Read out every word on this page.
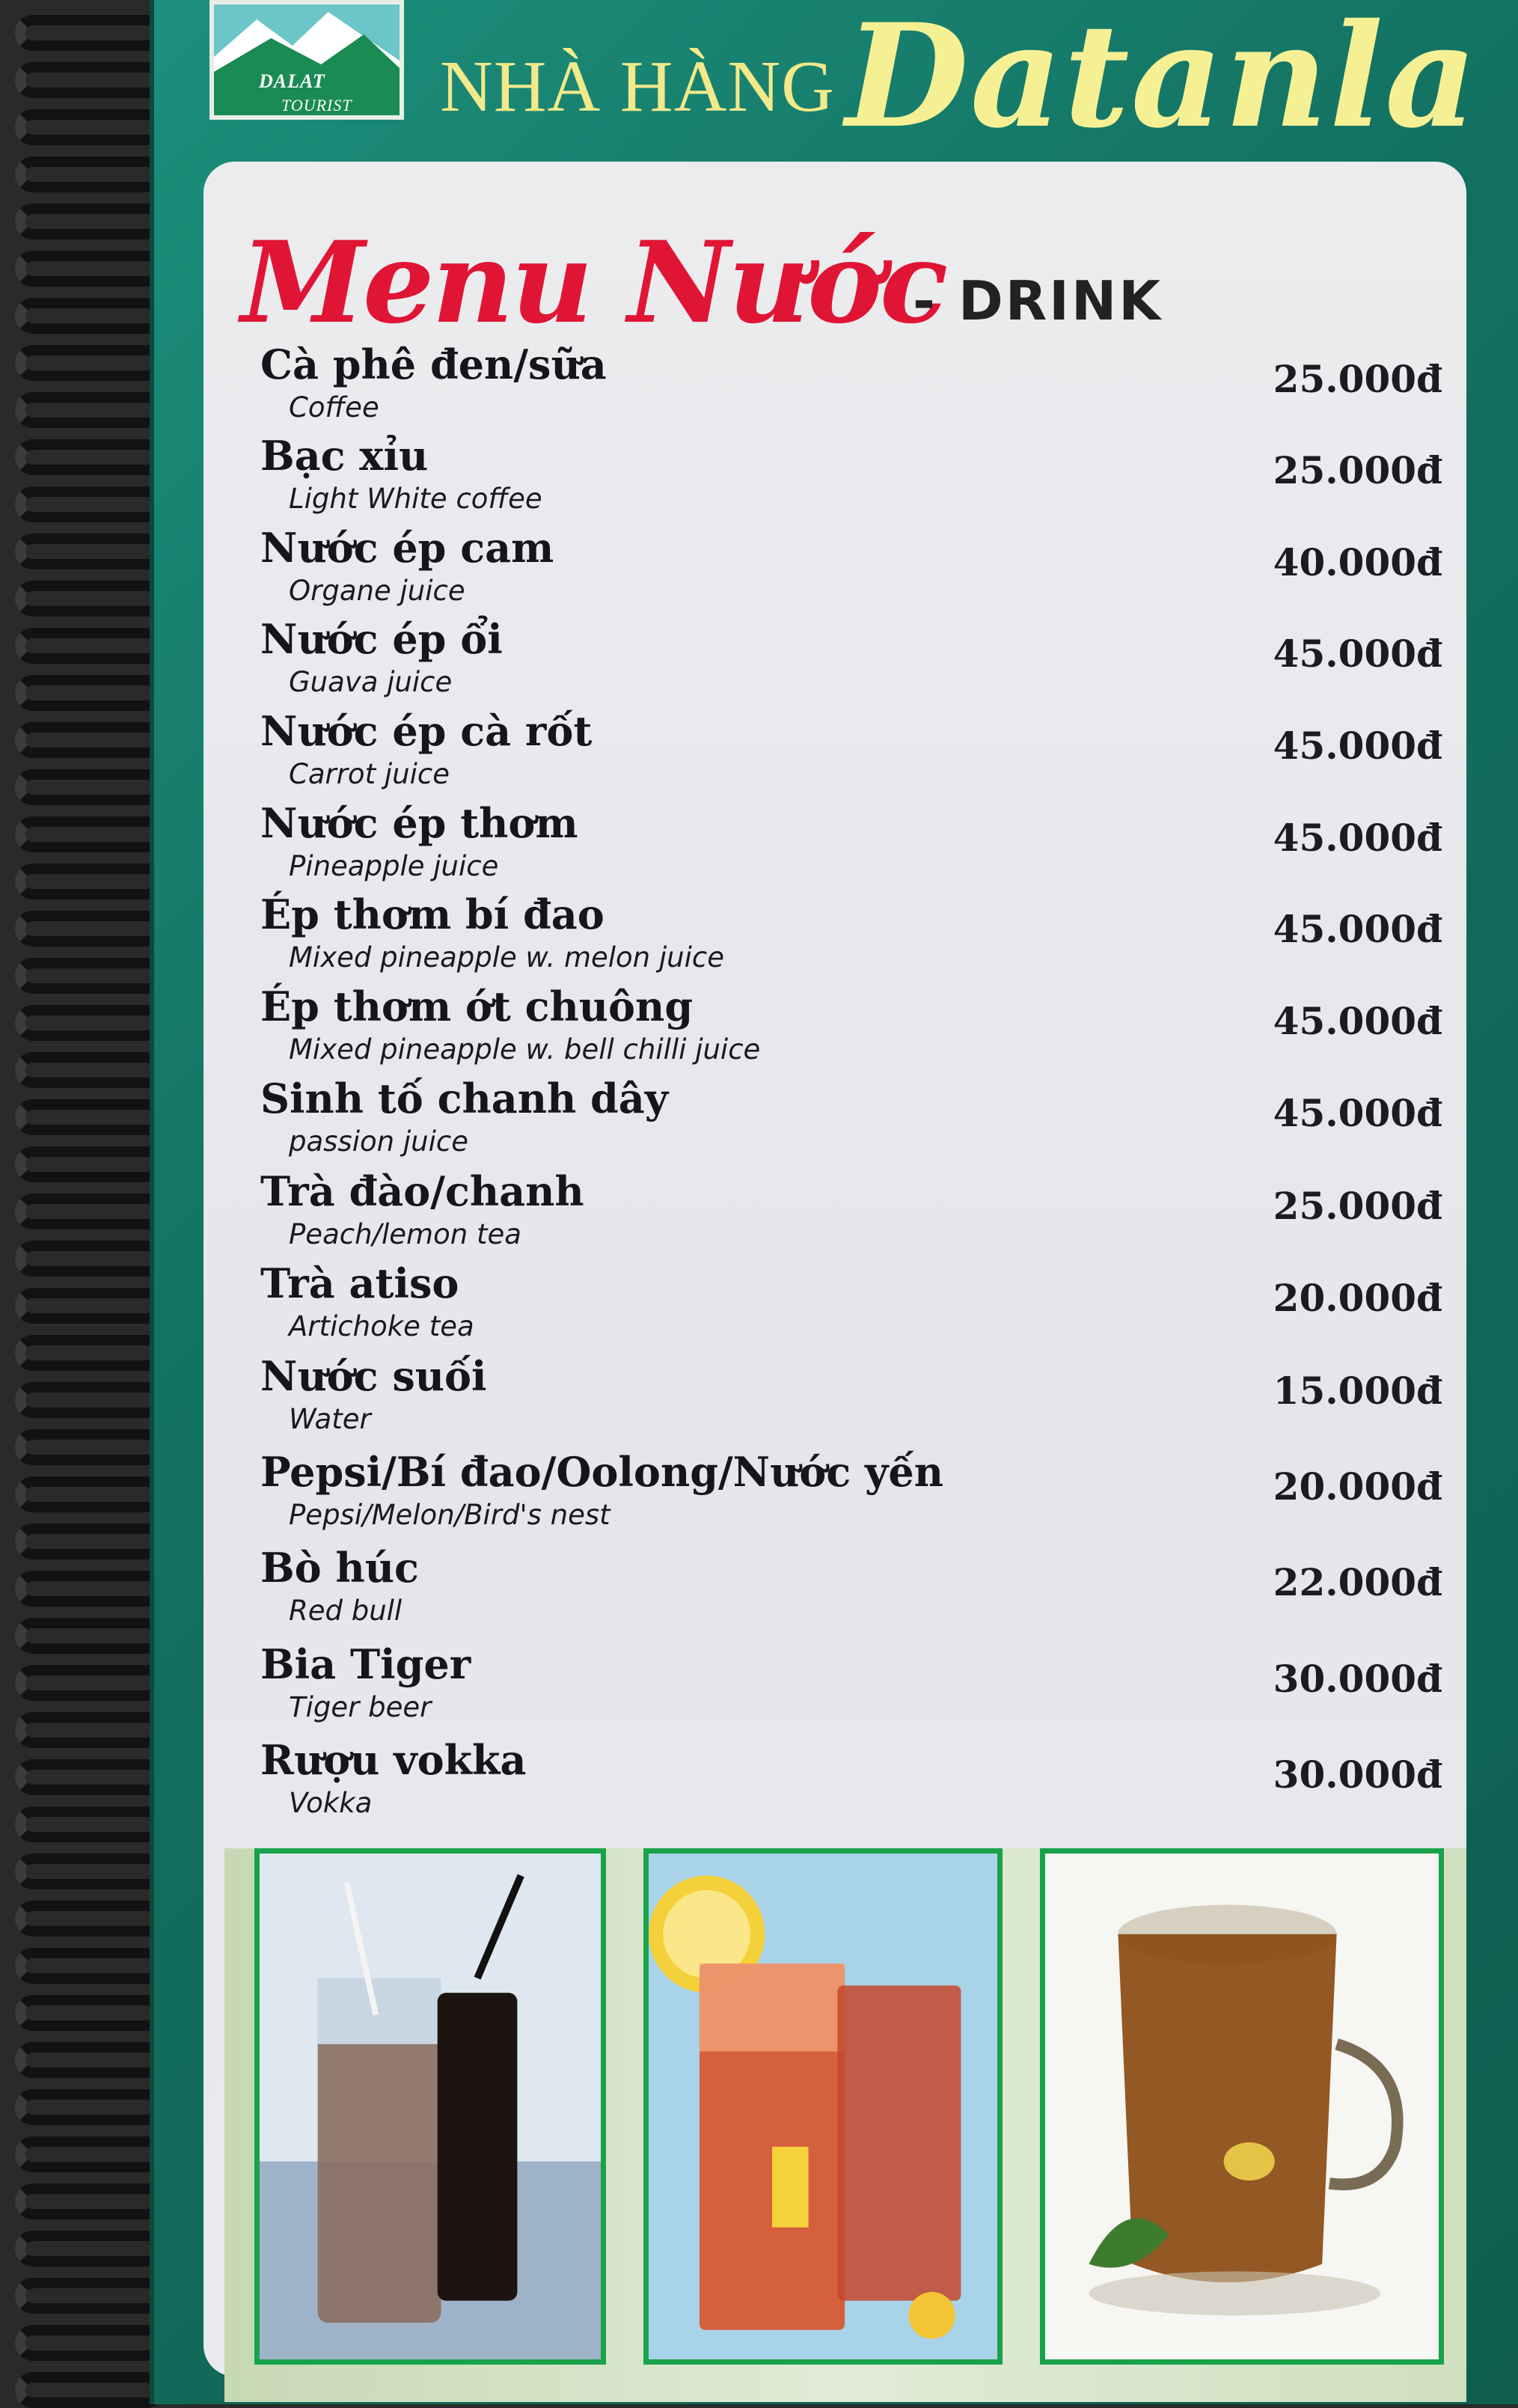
DALAT
TOURIST NHÀ HÀNG Datanla
Menu Nước
- DRINK
Cà phê đen/sữa
Coffee
25.000đ
Bạc xỉu
Light White coffee
25.000đ
Nước ép cam
Organe juice
40.000đ
Nước ép ổi
Guava juice
45.000đ
Nước ép cà rốt
Carrot juice
45.000đ
Nước ép thơm
Pineapple juice
45.000đ
Ép thơm bí đao
Mixed pineapple w. melon juice
45.000đ
Ép thơm ớt chuông
Mixed pineapple w. bell chilli juice
45.000đ
Sinh tố chanh dây
passion juice
45.000đ
Trà đào/chanh
Peach/lemon tea
25.000đ
Trà atiso
Artichoke tea
20.000đ
Nước suối
Water
15.000đ
Pepsi/Bí đao/Oolong/Nước yến
Pepsi/Melon/Bird's nest
20.000đ
Bò húc
Red bull
22.000đ
Bia Tiger
Tiger beer
30.000đ
Rượu vokka
Vokka
30.000đ
